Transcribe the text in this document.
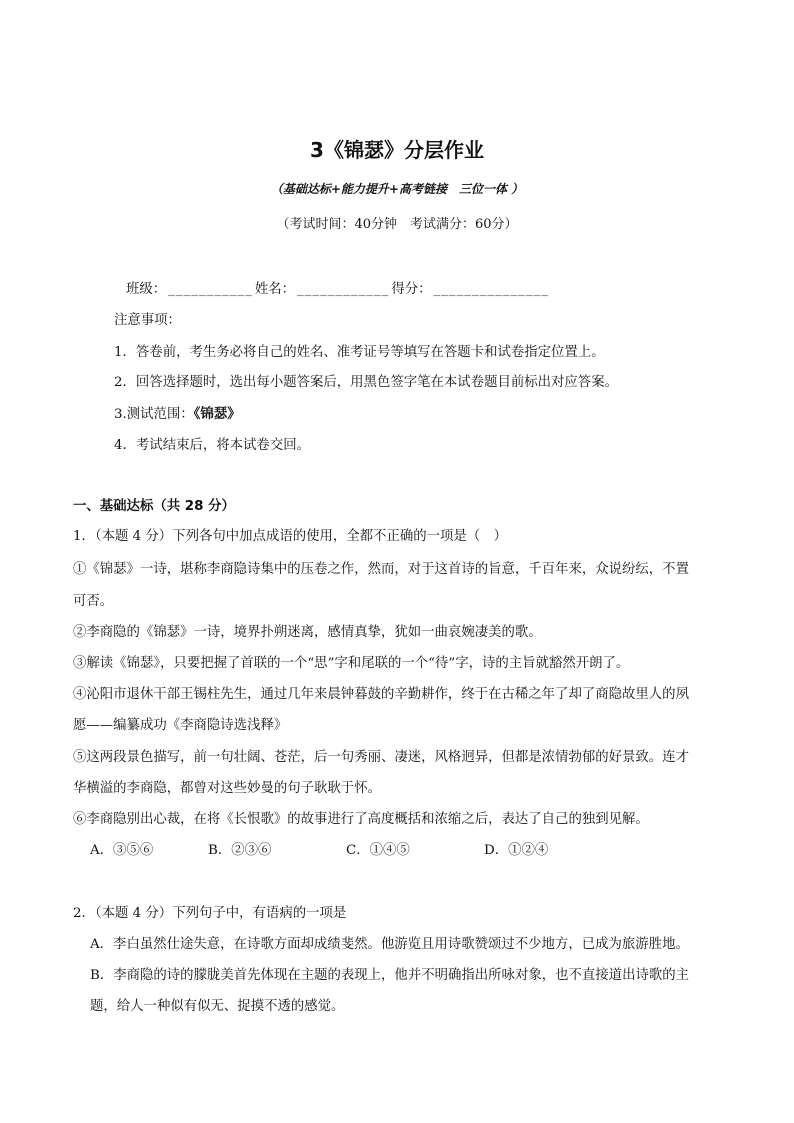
3《锦瑟》分层作业
（基础达标+能力提升+高考链接　三位一体 ）
（考试时间：40分钟　考试满分：60分）
班级： ___________ 姓名： ____________ 得分： _______________
注意事项：
1．答卷前，考生务必将自己的姓名、准考证号等填写在答题卡和试卷指定位置上。
2．回答选择题时，选出每小题答案后，用黑色签字笔在本试卷题目前标出对应答案。
3.测试范围：《锦瑟》
4．考试结束后，将本试卷交回。
一、基础达标（共 28 分）
1．（本题 4 分）下列各句中加点成语的使用，全都不正确的一项是（　）
①《锦瑟》一诗，堪称李商隐诗集中的压卷之作，然而，对于这首诗的旨意，千百年来，众说纷纭，不置
可否。
②李商隐的《锦瑟》一诗，境界扑朔迷离，感情真挚，犹如一曲哀婉凄美的歌。
③解读《锦瑟》，只要把握了首联的一个“思”字和尾联的一个“待”字，诗的主旨就豁然开朗了。
④沁阳市退休干部王锡柱先生，通过几年来晨钟暮鼓的辛勤耕作，终于在古稀之年了却了商隐故里人的夙
愿——编纂成功《李商隐诗选浅释》
⑤这两段景色描写，前一句壮阔、苍茫，后一句秀丽、凄迷，风格迥异，但都是浓情勃郁的好景致。连才
华横溢的李商隐，都曾对这些妙曼的句子耿耿于怀。
⑥李商隐别出心裁，在将《长恨歌》的故事进行了高度概括和浓缩之后，表达了自己的独到见解。
A．③⑤⑥	B．②③⑥	C．①④⑤	D．①②④
2．（本题 4 分）下列句子中，有语病的一项是
A．李白虽然仕途失意，在诗歌方面却成绩斐然。他游览且用诗歌赞颂过不少地方，已成为旅游胜地。
B．李商隐的诗的朦胧美首先体现在主题的表现上，他并不明确指出所咏对象，也不直接道出诗歌的主
题，给人一种似有似无、捉摸不透的感觉。
